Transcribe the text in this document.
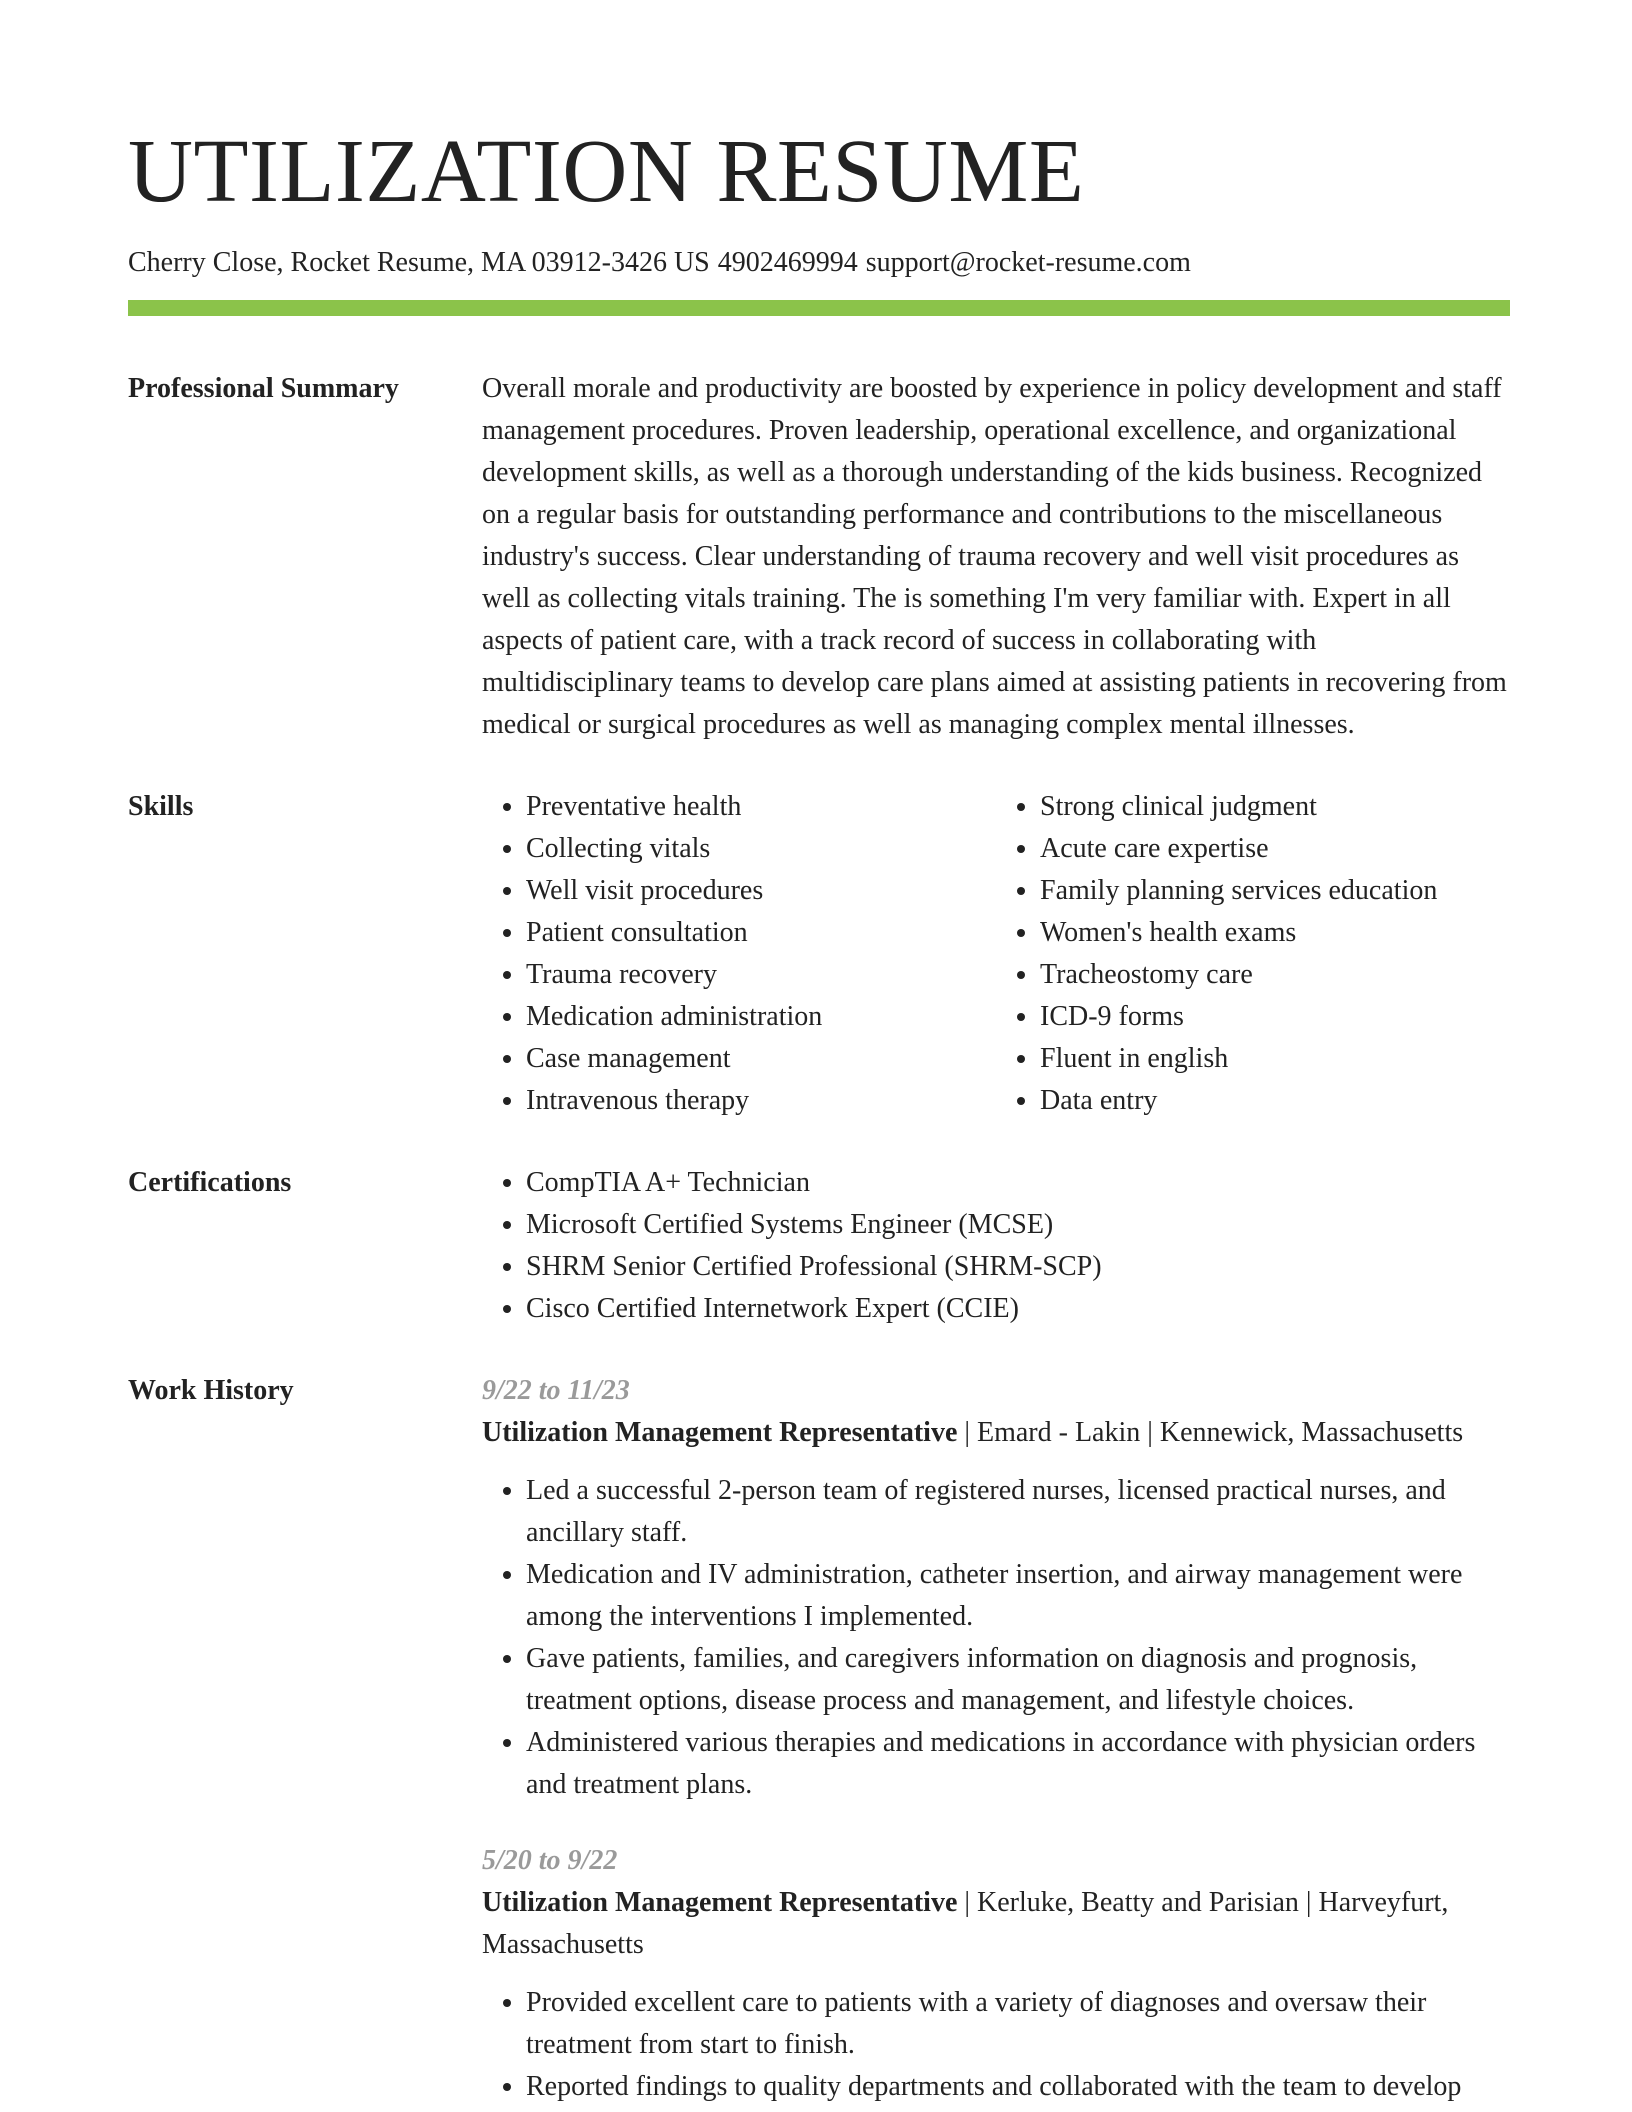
UTILIZATION RESUME
Cherry Close, Rocket Resume, MA 03912-3426 US 4902469994 support@rocket-resume.com
Professional Summary	Overall morale and productivity are boosted by experience in policy development and staff management procedures. Proven leadership, operational excellence, and organizational development skills, as well as a thorough understanding of the kids business. Recognized on a regular basis for outstanding performance and contributions to the miscellaneous industry's success. Clear understanding of trauma recovery and well visit procedures as well as collecting vitals training. The is something I'm very familiar with. Expert in all aspects of patient care, with a track record of success in collaborating with multidisciplinary teams to develop care plans aimed at assisting patients in recovering from medical or surgical procedures as well as managing complex mental illnesses.

Skills	• Preventative health
• Collecting vitals
• Well visit procedures
• Patient consultation
• Trauma recovery
• Medication administration
• Case management
• Intravenous therapy
• Strong clinical judgment
• Acute care expertise
• Family planning services education
• Women's health exams
• Tracheostomy care
• ICD-9 forms
• Fluent in english
• Data entry
Certifications	• CompTIA A+ Technician
• Microsoft Certified Systems Engineer (MCSE)
• SHRM Senior Certified Professional (SHRM-SCP)
• Cisco Certified Internetwork Expert (CCIE)
Work History	9/22 to 11/23
Utilization Management Representative | Emard - Lakin | Kennewick, Massachusetts
• Led a successful 2-person team of registered nurses, licensed practical nurses, and ancillary staff.
• Medication and IV administration, catheter insertion, and airway management were among the interventions I implemented.
• Gave patients, families, and caregivers information on diagnosis and prognosis, treatment options, disease process and management, and lifestyle choices.
• Administered various therapies and medications in accordance with physician orders and treatment plans.
5/20 to 9/22
Utilization Management Representative | Kerluke, Beatty and Parisian | Harveyfurt, Massachusetts
• Provided excellent care to patients with a variety of diagnoses and oversaw their treatment from start to finish.
• Reported findings to quality departments and collaborated with the team to develop
